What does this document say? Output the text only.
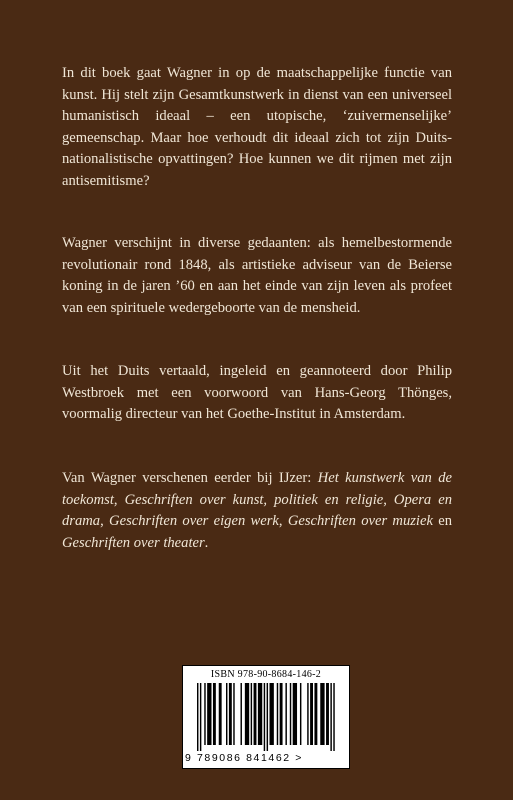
In dit boek gaat Wagner in op de maatschappelijke functie van kunst. Hij stelt zijn Gesamtkunstwerk in dienst van een universeel humanistisch ideaal – een utopische, ‘zuivermenselijke’ gemeenschap. Maar hoe verhoudt dit ideaal zich tot zijn Duits-nationalistische opvattingen? Hoe kunnen we dit rijmen met zijn antisemitisme?

Wagner verschijnt in diverse gedaanten: als hemelbestormende revolutionair rond 1848, als artistieke adviseur van de Beierse koning in de jaren ’60 en aan het einde van zijn leven als profeet van een spirituele wedergeboorte van de mensheid.

Uit het Duits vertaald, ingeleid en geannoteerd door Philip Westbroek met een voorwoord van Hans-Georg Thönges, voormalig directeur van het Goethe-Institut in Amsterdam.

Van Wagner verschenen eerder bij IJzer: Het kunstwerk van de toekomst, Geschriften over kunst, politiek en religie, Opera en drama, Geschriften over eigen werk, Geschriften over muziek en Geschriften over theater.

ISBN 978-90-8684-146-2
9 789086 841462 >
